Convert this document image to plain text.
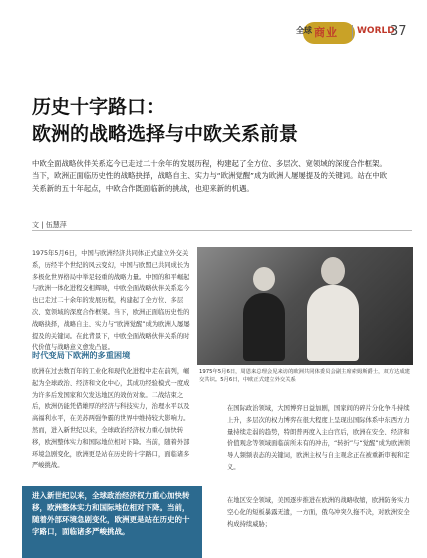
全球 商业 WORLD
37
历史十字路口：
欧洲的战略选择与中欧关系前景
中欧全面战略伙伴关系迄今已走过二十余年的发展历程，构建起了全方位、多层次、宽领域的深度合作框架。当下，欧洲正面临历史性的战略抉择，战略自主、实力与“欧洲觉醒”成为欧洲人屡屡提及的关键词。站在中欧关系新的五十年起点，中欧合作既面临新的挑战，也迎来新的机遇。
文 | 伍慧萍
1975年5月6日，中国与欧洲经济共同体正式建立外交关系，历经半个世纪的风云变幻，中国与欧盟已共同成长为多极化世界格局中举足轻重的战略力量。中国的和平崛起与欧洲一体化进程交相辉映，中欧全面战略伙伴关系迄今也已走过二十余年的发展历程，构建起了全方位、多层次、宽领域的深度合作框架。当下，欧洲正面临历史性的战略抉择，战略自主、实力与“欧洲觉醒”成为欧洲人屡屡提及的关键词。在此背景下，中欧全面战略伙伴关系的时代价值与战略意义愈发凸显。
时代变局下欧洲的多重困境
欧洲在过去数百年的工业化和现代化进程中走在前列，崛起为全球政治、经济和文化中心，其成功经验模式一度成为许多后发国家和欠发达地区的效仿对象。二战结束之后，欧洲仍能凭借雄厚的经济与科技实力，治理水平以及高福利水平，在美苏两强争霸的世界中维持较大影响力。然而，进入新世纪以来，全球政治经济权力重心加快转移，欧洲整体实力和国际地位相对下降。当前，随着外部环境急剧变化，欧洲更是站在历史的十字路口，面临诸多严峻挑战。
1975年5月6日，周恩来总理会见来访的欧洲共同体委员会副主席索姆斯爵士，双方达成建交共识。5月6日，中欧正式建立外交关系
在国际政治领域，大国博弈日益加剧，国家间的碎片分化争斗持续上升，多层次的权力博弈在很大程度上呈现出国际体系中东西方力量持续走弱的趋势，特朗普再度入主白宫后，欧洲在安全、经济和价值观念等领域面临前所未有的冲击，“转折”与“觉醒”成为欧洲领导人频频表态的关键词，欧洲主权与自主观念正在被重新审视和定义。
进入新世纪以来，全球政治经济权力重心加快转移，欧洲整体实力和国际地位相对下降。当前，随着外部环境急剧变化，欧洲更是站在历史的十字路口，面临诸多严峻挑战。
在地区安全领域，美国逐步推进在欧洲的战略收缩，欧洲防务实力空心化的短板暴露无遗，一方面，俄乌冲突久拖不决，对欧洲安全构成持续威胁；
